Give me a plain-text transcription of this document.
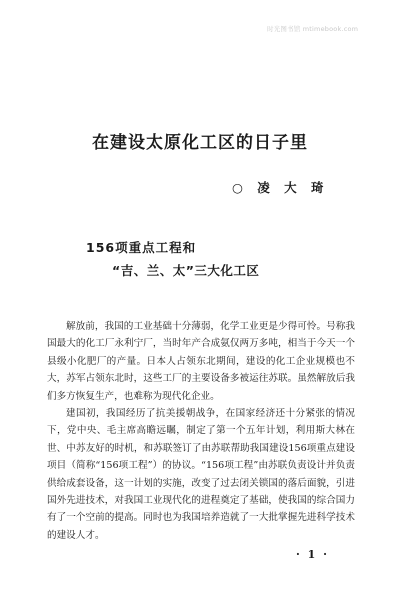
时光图书馆 mtimebook.com
在建设太原化工区的日子里
○ 凌 大 琦
156项重点工程和
“吉、兰、太”三大化工区

解放前，我国的工业基础十分薄弱，化学工业更是少得可怜。号称我国最大的化工厂永利宁厂，当时年产合成氨仅两万多吨，相当于今天一个县级小化肥厂的产量。日本人占领东北期间，建设的化工企业规模也不大，苏军占领东北时，这些工厂的主要设备多被运往苏联。虽然解放后我们多方恢复生产，也难称为现代化企业。

建国初，我国经历了抗美援朝战争，在国家经济还十分紧张的情况下，党中央、毛主席高瞻远瞩，制定了第一个五年计划，利用斯大林在世、中苏友好的时机，和苏联签订了由苏联帮助我国建设156项重点建设项目（简称“156项工程”）的协议。“156项工程”由苏联负责设计并负责供给成套设备，这一计划的实施，改变了过去闭关锁国的落后面貌，引进国外先进技术，对我国工业现代化的进程奠定了基础，使我国的综合国力有了一个空前的提高。同时也为我国培养造就了一大批掌握先进科学技术的建设人才。

· 1 ·
